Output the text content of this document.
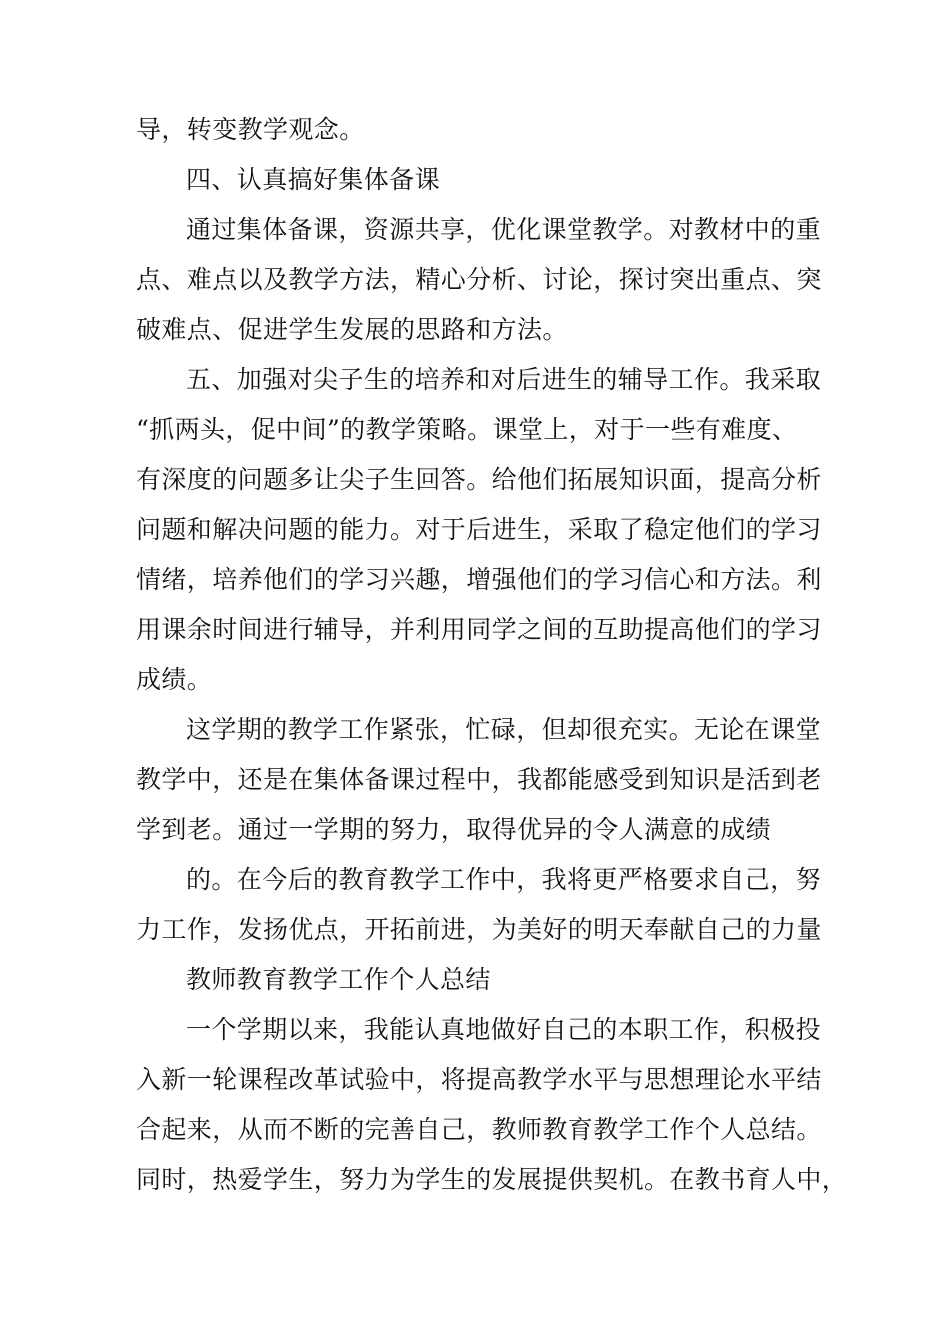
导，转变教学观念。
四、认真搞好集体备课
通过集体备课，资源共享，优化课堂教学。对教材中的重
点、难点以及教学方法，精心分析、讨论，探讨突出重点、突
破难点、促进学生发展的思路和方法。
五、加强对尖子生的培养和对后进生的辅导工作。我采取
“抓两头，促中间”的教学策略。课堂上，对于一些有难度、
有深度的问题多让尖子生回答。给他们拓展知识面，提高分析
问题和解决问题的能力。对于后进生，采取了稳定他们的学习
情绪，培养他们的学习兴趣，增强他们的学习信心和方法。利
用课余时间进行辅导，并利用同学之间的互助提高他们的学习
成绩。
这学期的教学工作紧张，忙碌，但却很充实。无论在课堂
教学中，还是在集体备课过程中，我都能感受到知识是活到老
学到老。通过一学期的努力，取得优异的令人满意的成绩
的。在今后的教育教学工作中，我将更严格要求自己，努
力工作，发扬优点，开拓前进，为美好的明天奉献自己的力量
教师教育教学工作个人总结
一个学期以来，我能认真地做好自己的本职工作，积极投
入新一轮课程改革试验中，将提高教学水平与思想理论水平结
合起来，从而不断的完善自己，教师教育教学工作个人总结。
同时，热爱学生，努力为学生的发展提供契机。在教书育人中，
